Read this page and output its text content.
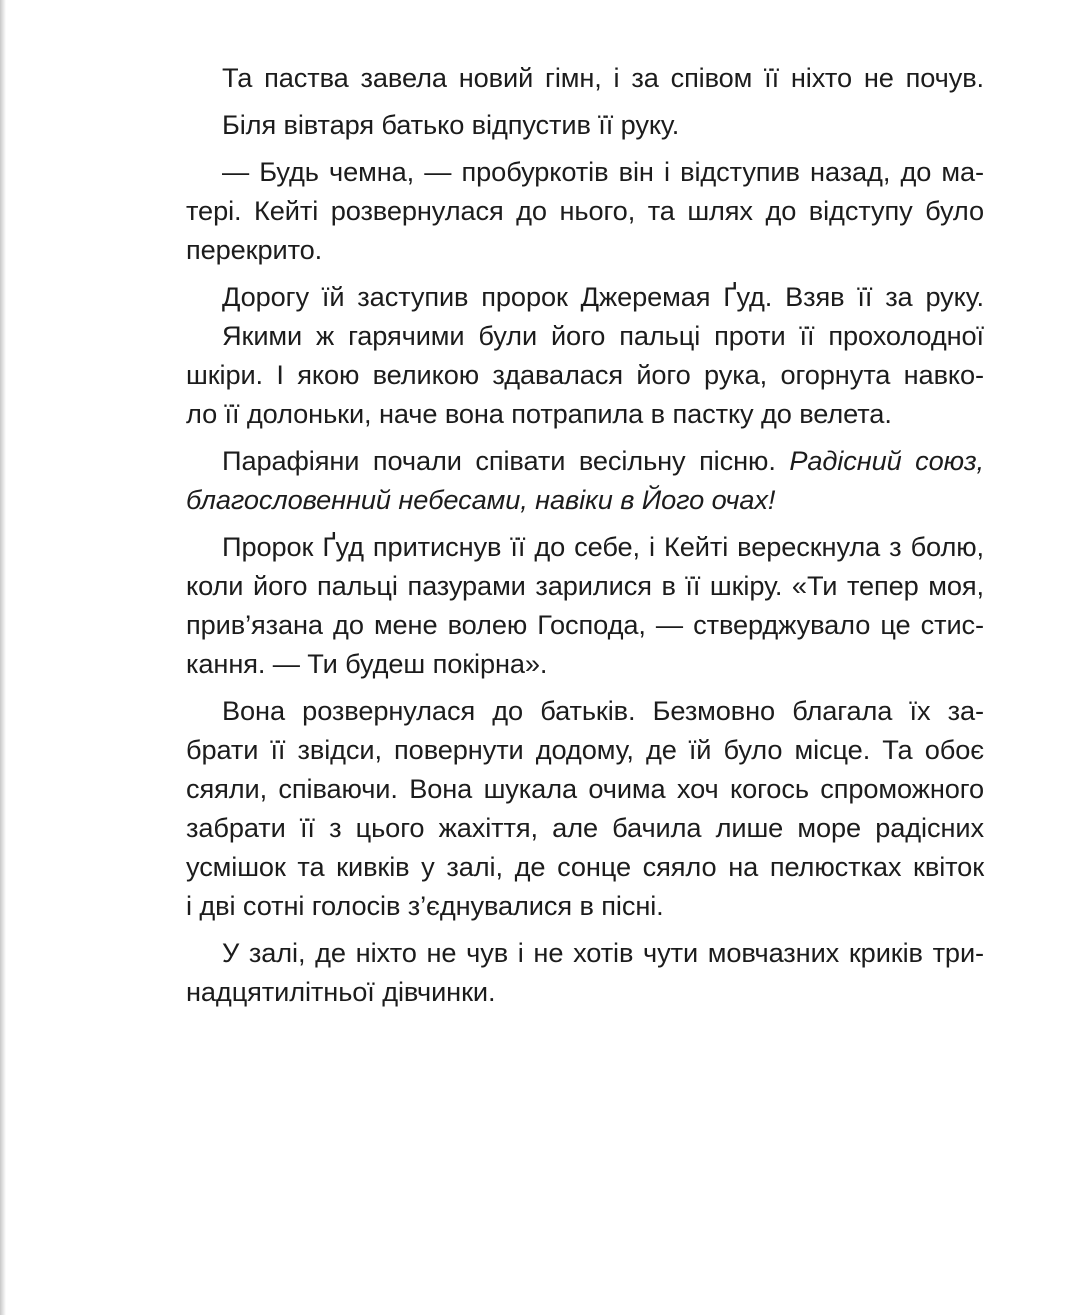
Та паства завела новий гімн, і за співом її ніхто не почув.
Біля вівтаря батько відпустив її руку.
— Будь чемна, — пробуркотів він і відступив назад, до ма-
тері. Кейті розвернулася до нього, та шлях до відступу було
перекрито.
Дорогу їй заступив пророк Джеремая Ґуд. Взяв її за руку.
Якими ж гарячими були його пальці проти її прохолодної
шкіри. І якою великою здавалася його рука, огорнута навко-
ло її долоньки, наче вона потрапила в пастку до велета.
Парафіяни почали співати весільну пісню. Радісний союз,
благословенний небесами, навіки в Його очах!
Пророк Ґуд притиснув її до себе, і Кейті верескнула з болю,
коли його пальці пазурами зарилися в її шкіру. «Ти тепер моя,
прив’язана до мене волею Господа, — стверджувало це стис-
кання. — Ти будеш покірна».
Вона розвернулася до батьків. Безмовно благала їх за-
брати її звідси, повернути додому, де їй було місце. Та обоє
сяяли, співаючи. Вона шукала очима хоч когось спроможного
забрати її з цього жахіття, але бачила лише море радісних
усмішок та кивків у залі, де сонце сяяло на пелюстках квіток
і дві сотні голосів з’єднувалися в пісні.
У залі, де ніхто не чув і не хотів чути мовчазних криків три-
надцятилітньої дівчинки.
